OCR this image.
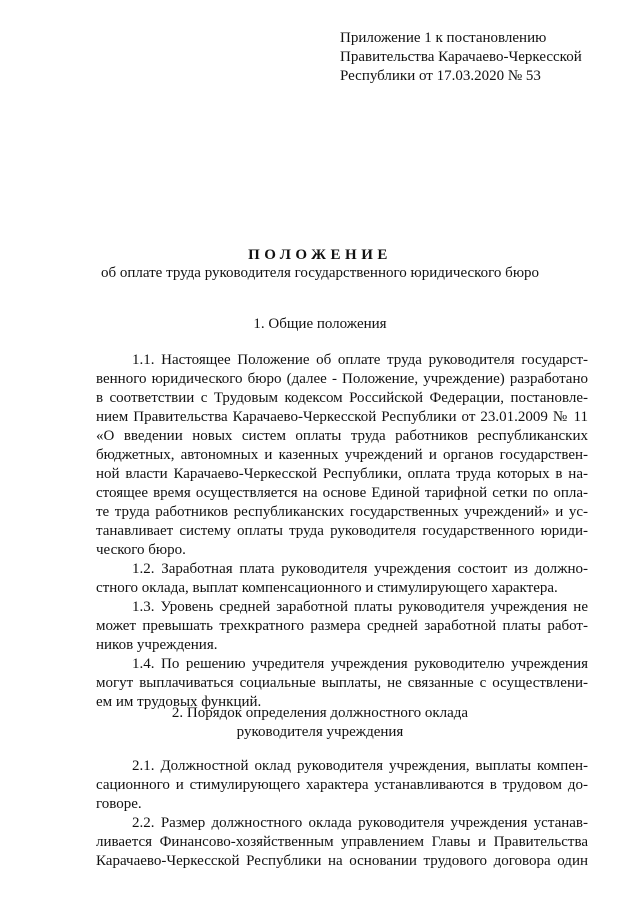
Приложение 1 к постановлению
Правительства Карачаево-Черкесской
Республики от 17.03.2020 № 53
ПОЛОЖЕНИЕ
об оплате труда руководителя государственного юридического бюро
1. Общие положения
1.1. Настоящее Положение об оплате труда руководителя государст-
венного юридического бюро (далее - Положение, учреждение) разработано
в соответствии с Трудовым кодексом Российской Федерации, постановле-
нием Правительства Карачаево-Черкесской Республики от 23.01.2009 № 11
«О введении новых систем оплаты труда работников республиканских
бюджетных, автономных и казенных учреждений и органов государствен-
ной власти Карачаево-Черкесской Республики, оплата труда которых в на-
стоящее время осуществляется на основе Единой тарифной сетки по опла-
те труда работников республиканских государственных учреждений» и ус-
танавливает систему оплаты труда руководителя государственного юриди-
ческого бюро.
1.2. Заработная плата руководителя учреждения состоит из должно-
стного оклада, выплат компенсационного и стимулирующего характера.
1.3. Уровень средней заработной платы руководителя учреждения не
может превышать трехкратного размера средней заработной платы работ-
ников учреждения.
1.4. По решению учредителя учреждения руководителю учреждения
могут выплачиваться социальные выплаты, не связанные с осуществлени-
ем им трудовых функций.
2. Порядок определения должностного оклада
руководителя учреждения
2.1. Должностной оклад руководителя учреждения, выплаты компен-
сационного и стимулирующего характера устанавливаются в трудовом до-
говоре.
2.2. Размер должностного оклада руководителя учреждения устанав-
ливается Финансово-хозяйственным управлением Главы и Правительства
Карачаево-Черкесской Республики на основании трудового договора один
